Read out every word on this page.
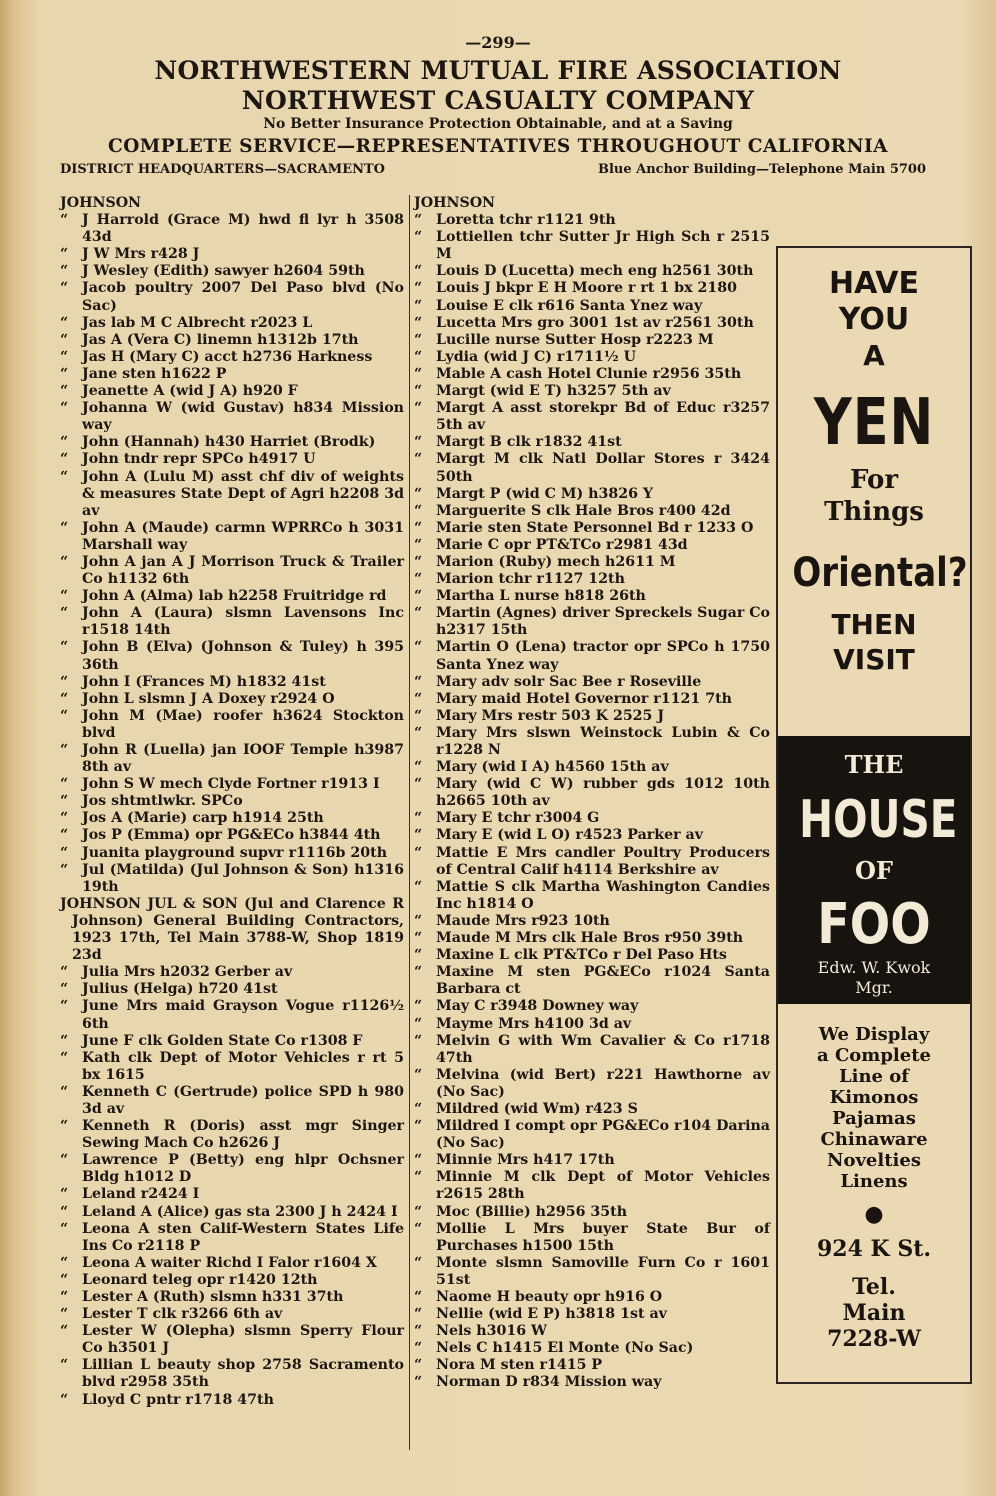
—299—
NORTHWESTERN MUTUAL FIRE ASSOCIATION
NORTHWEST CASUALTY COMPANY
No Better Insurance Protection Obtainable, and at a Saving
COMPLETE SERVICE—REPRESENTATIVES THROUGHOUT CALIFORNIA
DISTRICT HEADQUARTERS—SACRAMENTO	Blue Anchor Building—Telephone Main 5700
JOHNSON
“ J Harrold (Grace M) hwd fl lyr h 3508 43d
“ J W Mrs r428 J
“ J Wesley (Edith) sawyer h2604 59th
“ Jacob poultry 2007 Del Paso blvd (No Sac)
“ Jas lab M C Albrecht r2023 L
“ Jas A (Vera C) linemn h1312b 17th
“ Jas H (Mary C) acct h2736 Harkness
“ Jane sten h1622 P
“ Jeanette A (wid J A) h920 F
“ Johanna W (wid Gustav) h834 Mission way
“ John (Hannah) h430 Harriet (Brodk)
“ John tndr repr SPCo h4917 U
“ John A (Lulu M) asst chf div of weights & measures State Dept of Agri h2208 3d av
“ John A (Maude) carmn WPRRCo h 3031 Marshall way
“ John A jan A J Morrison Truck & Trailer Co h1132 6th
“ John A (Alma) lab h2258 Fruitridge rd
“ John A (Laura) slsmn Lavensons Inc r1518 14th
“ John B (Elva) (Johnson & Tuley) h 395 36th
“ John I (Frances M) h1832 41st
“ John L slsmn J A Doxey r2924 O
“ John M (Mae) roofer h3624 Stockton blvd
“ John R (Luella) jan IOOF Temple h3987 8th av
“ John S W mech Clyde Fortner r1913 I
“ Jos shtmtlwkr. SPCo
“ Jos A (Marie) carp h1914 25th
“ Jos P (Emma) opr PG&ECo h3844 4th
“ Juanita playground supvr r1116b 20th
“ Jul (Matilda) (Jul Johnson & Son) h1316 19th
JOHNSON JUL & SON (Jul and Clarence R Johnson) General Building Contractors, 1923 17th, Tel Main 3788-W, Shop 1819 23d
“ Julia Mrs h2032 Gerber av
“ Julius (Helga) h720 41st
“ June Mrs maid Grayson Vogue r1126½ 6th
“ June F clk Golden State Co r1308 F
“ Kath clk Dept of Motor Vehicles r rt 5 bx 1615
“ Kenneth C (Gertrude) police SPD h 980 3d av
“ Kenneth R (Doris) asst mgr Singer Sewing Mach Co h2626 J
“ Lawrence P (Betty) eng hlpr Ochsner Bldg h1012 D
“ Leland r2424 I
“ Leland A (Alice) gas sta 2300 J h 2424 I
“ Leona A sten Calif-Western States Life Ins Co r2118 P
“ Leona A waiter Richd I Falor r1604 X
“ Leonard teleg opr r1420 12th
“ Lester A (Ruth) slsmn h331 37th
“ Lester T clk r3266 6th av
“ Lester W (Olepha) slsmn Sperry Flour Co h3501 J
“ Lillian L beauty shop 2758 Sacramento blvd r2958 35th
“ Lloyd C pntr r1718 47th
JOHNSON
“ Loretta tchr r1121 9th
“ Lottiellen tchr Sutter Jr High Sch r 2515 M
“ Louis D (Lucetta) mech eng h2561 30th
“ Louis J bkpr E H Moore r rt 1 bx 2180
“ Louise E clk r616 Santa Ynez way
“ Lucetta Mrs gro 3001 1st av r2561 30th
“ Lucille nurse Sutter Hosp r2223 M
“ Lydia (wid J C) r1711½ U
“ Mable A cash Hotel Clunie r2956 35th
“ Margt (wid E T) h3257 5th av
“ Margt A asst storekpr Bd of Educ r3257 5th av
“ Margt B clk r1832 41st
“ Margt M clk Natl Dollar Stores r 3424 50th
“ Margt P (wid C M) h3826 Y
“ Marguerite S clk Hale Bros r400 42d
“ Marie sten State Personnel Bd r 1233 O
“ Marie C opr PT&TCo r2981 43d
“ Marion (Ruby) mech h2611 M
“ Marion tchr r1127 12th
“ Martha L nurse h818 26th
“ Martin (Agnes) driver Spreckels Sugar Co h2317 15th
“ Martin O (Lena) tractor opr SPCo h 1750 Santa Ynez way
“ Mary adv solr Sac Bee r Roseville
“ Mary maid Hotel Governor r1121 7th
“ Mary Mrs restr 503 K 2525 J
“ Mary Mrs slswn Weinstock Lubin & Co r1228 N
“ Mary (wid I A) h4560 15th av
“ Mary (wid C W) rubber gds 1012 10th h2665 10th av
“ Mary E tchr r3004 G
“ Mary E (wid L O) r4523 Parker av
“ Mattie E Mrs candler Poultry Producers of Central Calif h4114 Berkshire av
“ Mattie S clk Martha Washington Candies Inc h1814 O
“ Maude Mrs r923 10th
“ Maude M Mrs clk Hale Bros r950 39th
“ Maxine L clk PT&TCo r Del Paso Hts
“ Maxine M sten PG&ECo r1024 Santa Barbara ct
“ May C r3948 Downey way
“ Mayme Mrs h4100 3d av
“ Melvin G with Wm Cavalier & Co r1718 47th
“ Melvina (wid Bert) r221 Hawthorne av (No Sac)
“ Mildred (wid Wm) r423 S
“ Mildred I compt opr PG&ECo r104 Darina (No Sac)
“ Minnie Mrs h417 17th
“ Minnie M clk Dept of Motor Vehicles r2615 28th
“ Moc (Billie) h2956 35th
“ Mollie L Mrs buyer State Bur of Purchases h1500 15th
“ Monte slsmn Samoville Furn Co r 1601 51st
“ Naome H beauty opr h916 O
“ Nellie (wid E P) h3818 1st av
“ Nels h3016 W
“ Nels C h1415 El Monte (No Sac)
“ Nora M sten r1415 P
“ Norman D r834 Mission way
HAVE
YOU
A
YEN
For
Things
Oriental?
THEN
VISIT
THE
HOUSE
OF
FOO
Edw. W. Kwok
Mgr.
We Display
a Complete
Line of
Kimonos
Pajamas
Chinaware
Novelties
Linens
●
924 K St.
Tel.
Main
7228-W
